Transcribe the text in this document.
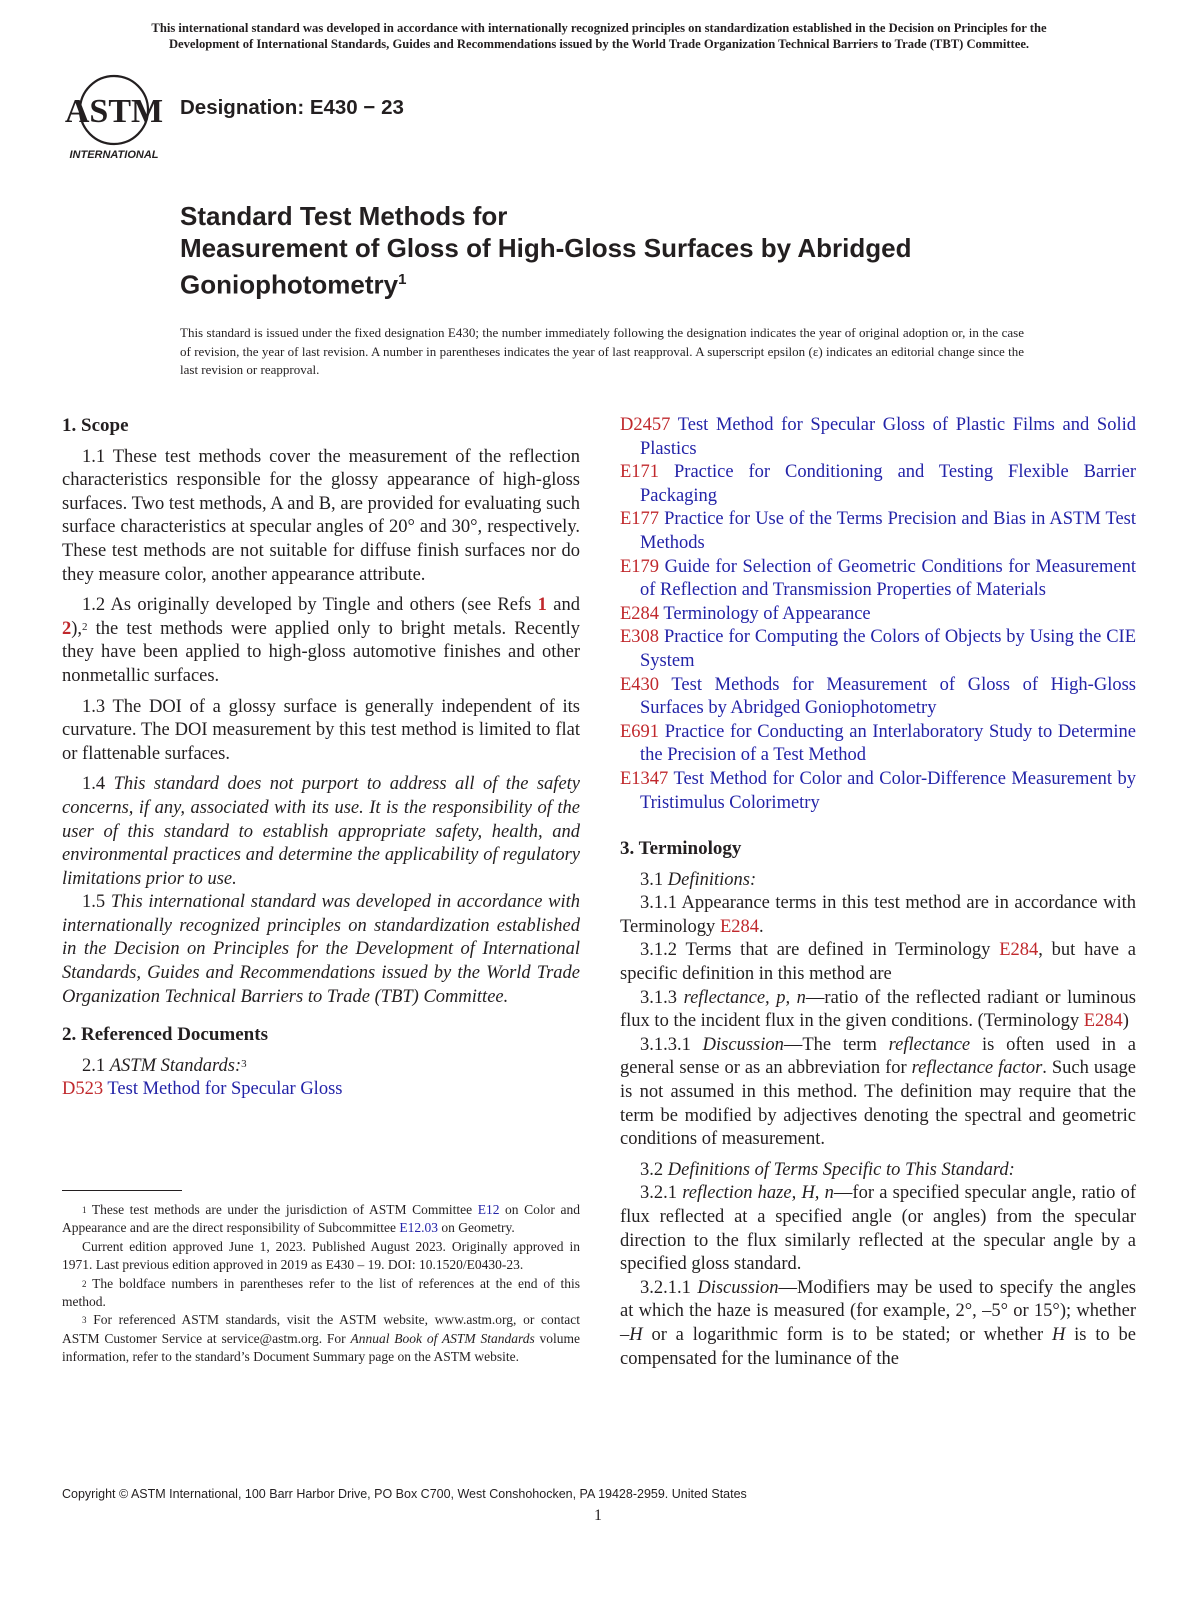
This international standard was developed in accordance with internationally recognized principles on standardization established in the Decision on Principles for the
Development of International Standards, Guides and Recommendations issued by the World Trade Organization Technical Barriers to Trade (TBT) Committee.
ASTM
INTERNATIONAL
Designation: E430 − 23
Standard Test Methods for
Measurement of Gloss of High-Gloss Surfaces by Abridged
Goniophotometry$^1$
This standard is issued under the fixed designation E430; the number immediately following the designation indicates the year of original adoption or, in the case of revision, the year of last revision. A number in parentheses indicates the year of last reapproval. A superscript epsilon (ε) indicates an editorial change since the last revision or reapproval.
1. Scope

1.1 These test methods cover the measurement of the reflection characteristics responsible for the glossy appearance of high-gloss surfaces. Two test methods, A and B, are provided for evaluating such surface characteristics at specular angles of 20° and 30°, respectively. These test methods are not suitable for diffuse finish surfaces nor do they measure color, another appearance attribute.

1.2 As originally developed by Tingle and others (see Refs 1 and 2),$^2$ the test methods were applied only to bright metals. Recently they have been applied to high-gloss automotive finishes and other nonmetallic surfaces.

1.3 The DOI of a glossy surface is generally independent of its curvature. The DOI measurement by this test method is limited to flat or flattenable surfaces.

1.4 This standard does not purport to address all of the safety concerns, if any, associated with its use. It is the responsibility of the user of this standard to establish appropriate safety, health, and environmental practices and determine the applicability of regulatory limitations prior to use.

1.5 This international standard was developed in accordance with internationally recognized principles on standardization established in the Decision on Principles for the Development of International Standards, Guides and Recommendations issued by the World Trade Organization Technical Barriers to Trade (TBT) Committee.

2. Referenced Documents

2.1 ASTM Standards:$^3$

D523 Test Method for Specular Gloss

$^1$ These test methods are under the jurisdiction of ASTM Committee E12 on Color and Appearance and are the direct responsibility of Subcommittee E12.03 on Geometry.

Current edition approved June 1, 2023. Published August 2023. Originally approved in 1971. Last previous edition approved in 2019 as E430 – 19. DOI: 10.1520/E0430-23.

$^2$ The boldface numbers in parentheses refer to the list of references at the end of this method.

$^3$ For referenced ASTM standards, visit the ASTM website, www.astm.org, or contact ASTM Customer Service at service@astm.org. For Annual Book of ASTM Standards volume information, refer to the standard’s Document Summary page on the ASTM website.

D2457 Test Method for Specular Gloss of Plastic Films and Solid Plastics
E171 Practice for Conditioning and Testing Flexible Barrier Packaging
E177 Practice for Use of the Terms Precision and Bias in ASTM Test Methods
E179 Guide for Selection of Geometric Conditions for Measurement of Reflection and Transmission Properties of Materials
E284 Terminology of Appearance
E308 Practice for Computing the Colors of Objects by Using the CIE System
E430 Test Methods for Measurement of Gloss of High-Gloss Surfaces by Abridged Goniophotometry
E691 Practice for Conducting an Interlaboratory Study to Determine the Precision of a Test Method
E1347 Test Method for Color and Color-Difference Measurement by Tristimulus Colorimetry
3. Terminology

3.1 Definitions:

3.1.1 Appearance terms in this test method are in accordance with Terminology E284.

3.1.2 Terms that are defined in Terminology E284, but have a specific definition in this method are

3.1.3 reflectance, p, n—ratio of the reflected radiant or luminous flux to the incident flux in the given conditions. (Terminology E284)

3.1.3.1 Discussion—The term reflectance is often used in a general sense or as an abbreviation for reflectance factor. Such usage is not assumed in this method. The definition may require that the term be modified by adjectives denoting the spectral and geometric conditions of measurement.

3.2 Definitions of Terms Specific to This Standard:

3.2.1 reflection haze, H, n—for a specified specular angle, ratio of flux reflected at a specified angle (or angles) from the specular direction to the flux similarly reflected at the specular angle by a specified gloss standard.

3.2.1.1 Discussion—Modifiers may be used to specify the angles at which the haze is measured (for example, 2°, –5° or 15°); whether –H or a logarithmic form is to be stated; or whether H is to be compensated for the luminance of the

Copyright © ASTM International, 100 Barr Harbor Drive, PO Box C700, West Conshohocken, PA 19428-2959. United States
1
